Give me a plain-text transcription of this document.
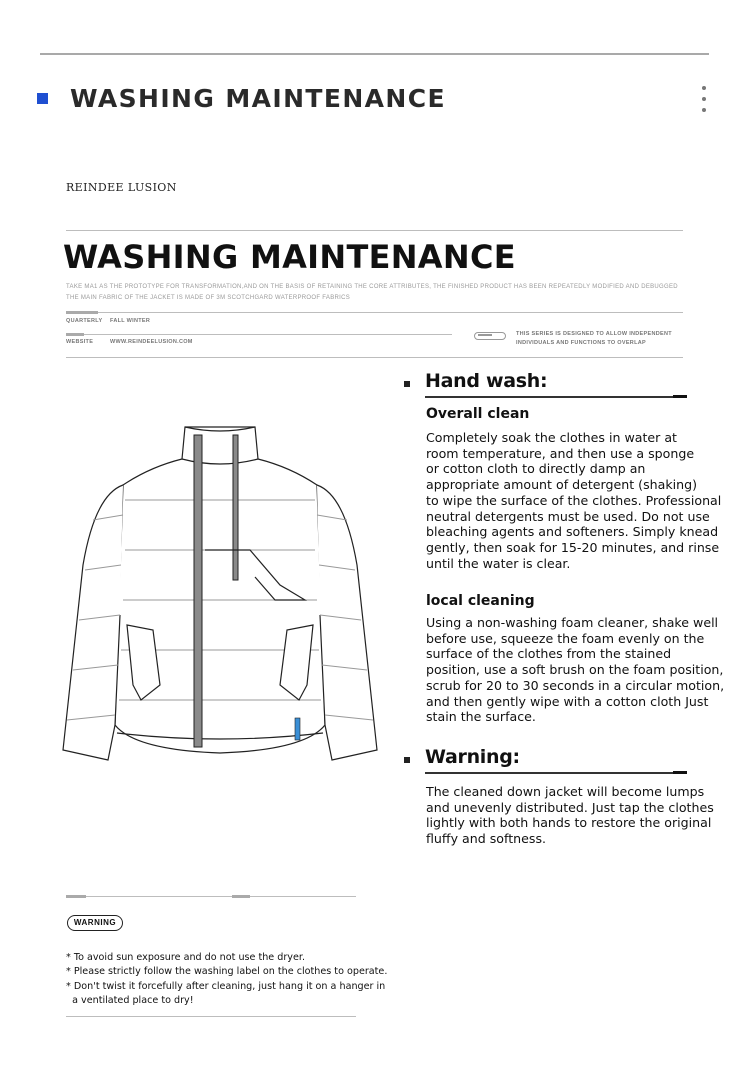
WASHING MAINTENANCE
REINDEE LUSION
WASHING MAINTENANCE
TAKE MA1 AS THE PROTOTYPE FOR TRANSFORMATION,AND ON THE BASIS OF RETAINING THE CORE ATTRIBUTES, THE FINISHED PRODUCT HAS BEEN REPEATEDLY MODIFIED AND DEBUGGED
THE MAIN FABRIC OF THE JACKET IS MADE OF 3M SCOTCHGARD WATERPROOF FABRICS
QUARTERLY FALL WINTER
WEBSITE	WWW.REINDEELUSION.COM
THIS SERIES IS DESIGNED TO ALLOW INDEPENDENT
INDIVIDUALS AND FUNCTIONS TO OVERLAP
Hand wash:
Overall clean
Completely soak the clothes in water at
room temperature, and then use a sponge
or cotton cloth to directly damp an
appropriate amount of detergent (shaking)
to wipe the surface of the clothes. Professional
neutral detergents must be used. Do not use
bleaching agents and softeners. Simply knead
gently, then soak for 15-20 minutes, and rinse
until the water is clear.
local cleaning
Using a non-washing foam cleaner, shake well
before use, squeeze the foam evenly on the
surface of the clothes from the stained
position, use a soft brush on the foam position,
scrub for 20 to 30 seconds in a circular motion,
and then gently wipe with a cotton cloth Just
stain the surface.
Warning:
The cleaned down jacket will become lumps
and unevenly distributed. Just tap the clothes
lightly with both hands to restore the original
fluffy and softness.
WARNING
* To avoid sun exposure and do not use the dryer.
* Please strictly follow the washing label on the clothes to operate.
* Don't twist it forcefully after cleaning, just hang it on a hanger in
a ventilated place to dry!
